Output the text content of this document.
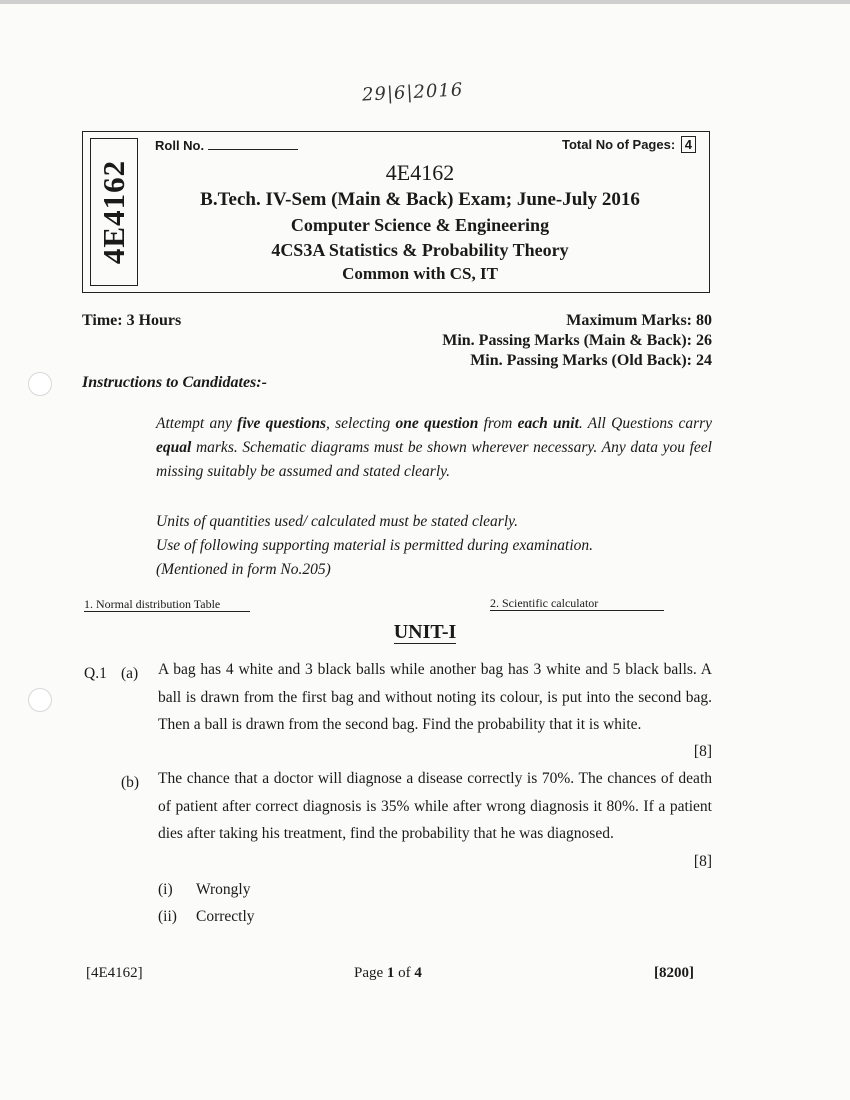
29|6|2016
4E4162
Roll No.	Total No of Pages: 4
4E4162
B.Tech. IV-Sem (Main & Back) Exam; June-July 2016
Computer Science & Engineering
4CS3A Statistics & Probability Theory
Common with CS, IT
Time: 3 Hours	Maximum Marks: 80
Min. Passing Marks (Main & Back): 26
Min. Passing Marks (Old Back): 24
Instructions to Candidates:-
Attempt any five questions, selecting one question from each unit. All Questions carry equal marks. Schematic diagrams must be shown wherever necessary. Any data you feel missing suitably be assumed and stated clearly.
Units of quantities used/ calculated must be stated clearly.
Use of following supporting material is permitted during examination.
(Mentioned in form No.205)
1. Normal distribution Table	2. Scientific calculator
UNIT-I
Q.1 (a) A bag has 4 white and 3 black balls while another bag has 3 white and 5 black balls. A ball is drawn from the first bag and without noting its colour, is put into the second bag. Then a ball is drawn from the second bag. Find the probability that it is white.
[8]
(b) The chance that a doctor will diagnose a disease correctly is 70%. The chances of death of patient after correct diagnosis is 35% while after wrong diagnosis it 80%. If a patient dies after taking his treatment, find the probability that he was diagnosed.
[8]
(i) Wrongly
(ii) Correctly
[4E4162]	Page 1 of 4	[8200]
